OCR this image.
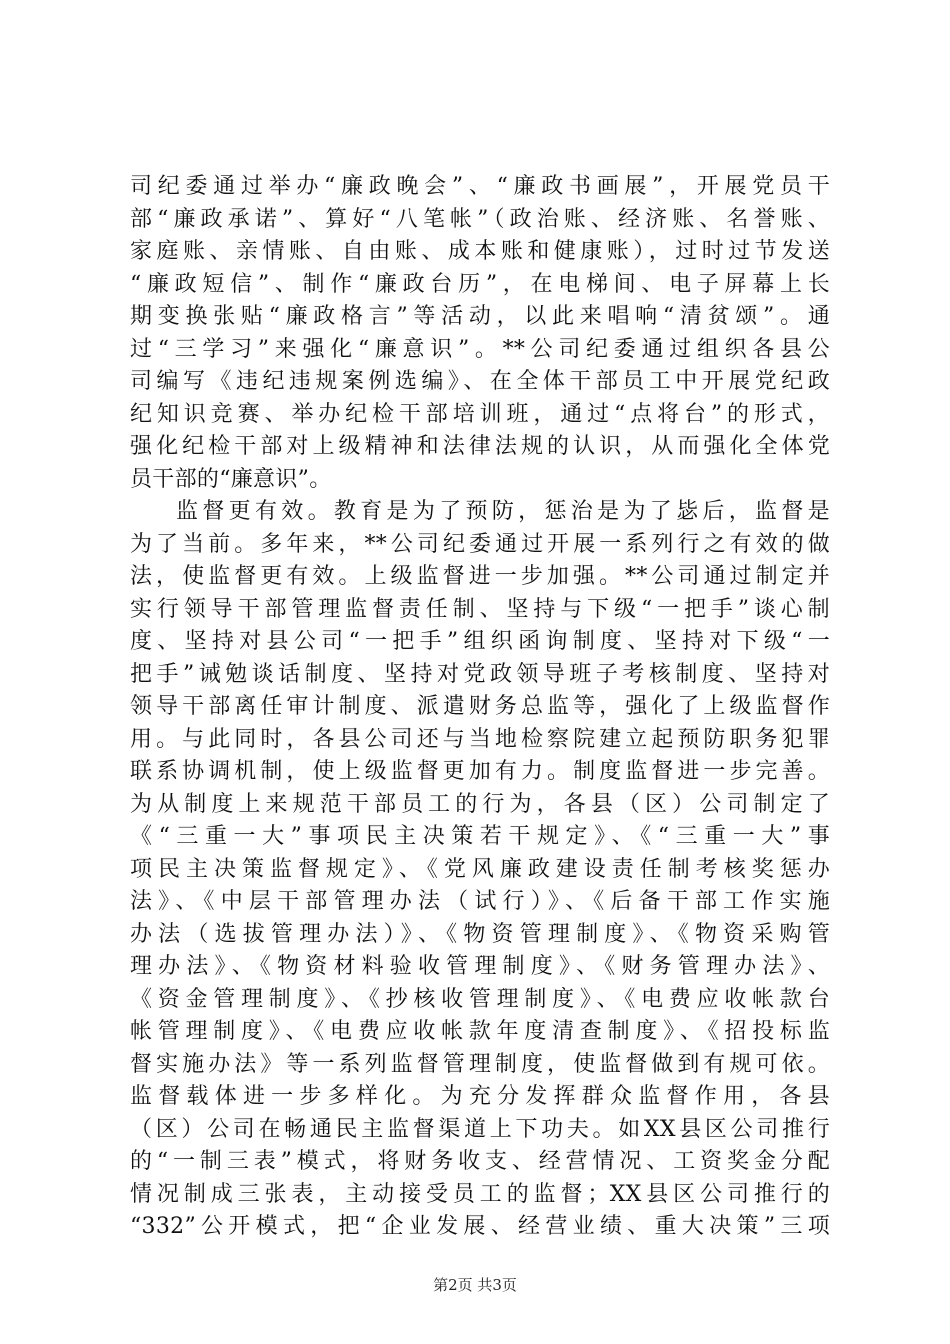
司纪委通过举办“廉政晚会”、“廉政书画展”，开展党员干
部“廉政承诺”、算好“八笔帐”（政治账、经济账、名誉账、
家庭账、亲情账、自由账、成本账和健康账），过时过节发送
“廉政短信”、制作“廉政台历”，在电梯间、电子屏幕上长
期变换张贴“廉政格言”等活动，以此来唱响“清贫颂”。通
过“三学习”来强化“廉意识”。**公司纪委通过组织各县公
司编写《违纪违规案例选编》、在全体干部员工中开展党纪政
纪知识竞赛、举办纪检干部培训班，通过“点将台”的形式，
强化纪检干部对上级精神和法律法规的认识，从而强化全体党
员干部的“廉意识”。
监督更有效。教育是为了预防，惩治是为了毖后，监督是
为了当前。多年来，**公司纪委通过开展一系列行之有效的做
法，使监督更有效。上级监督进一步加强。**公司通过制定并
实行领导干部管理监督责任制、坚持与下级“一把手”谈心制
度、坚持对县公司“一把手”组织函询制度、坚持对下级“一
把手”诫勉谈话制度、坚持对党政领导班子考核制度、坚持对
领导干部离任审计制度、派遣财务总监等，强化了上级监督作
用。与此同时，各县公司还与当地检察院建立起预防职务犯罪
联系协调机制，使上级监督更加有力。制度监督进一步完善。
为从制度上来规范干部员工的行为，各县（区）公司制定了
《“三重一大”事项民主决策若干规定》、《“三重一大”事
项民主决策监督规定》、《党风廉政建设责任制考核奖惩办
法》、《中层干部管理办法（试行）》、《后备干部工作实施
办法（选拔管理办法）》、《物资管理制度》、《物资采购管
理办法》、《物资材料验收管理制度》、《财务管理办法》、
《资金管理制度》、《抄核收管理制度》、《电费应收帐款台
帐管理制度》、《电费应收帐款年度清查制度》、《招投标监
督实施办法》等一系列监督管理制度，使监督做到有规可依。
监督载体进一步多样化。为充分发挥群众监督作用，各县
（区）公司在畅通民主监督渠道上下功夫。如XX县区公司推行
的“一制三表”模式，将财务收支、经营情况、工资奖金分配
情况制成三张表，主动接受员工的监督；XX县区公司推行的
“332”公开模式，把“企业发展、经营业绩、重大决策”三项
第2页 共3页
